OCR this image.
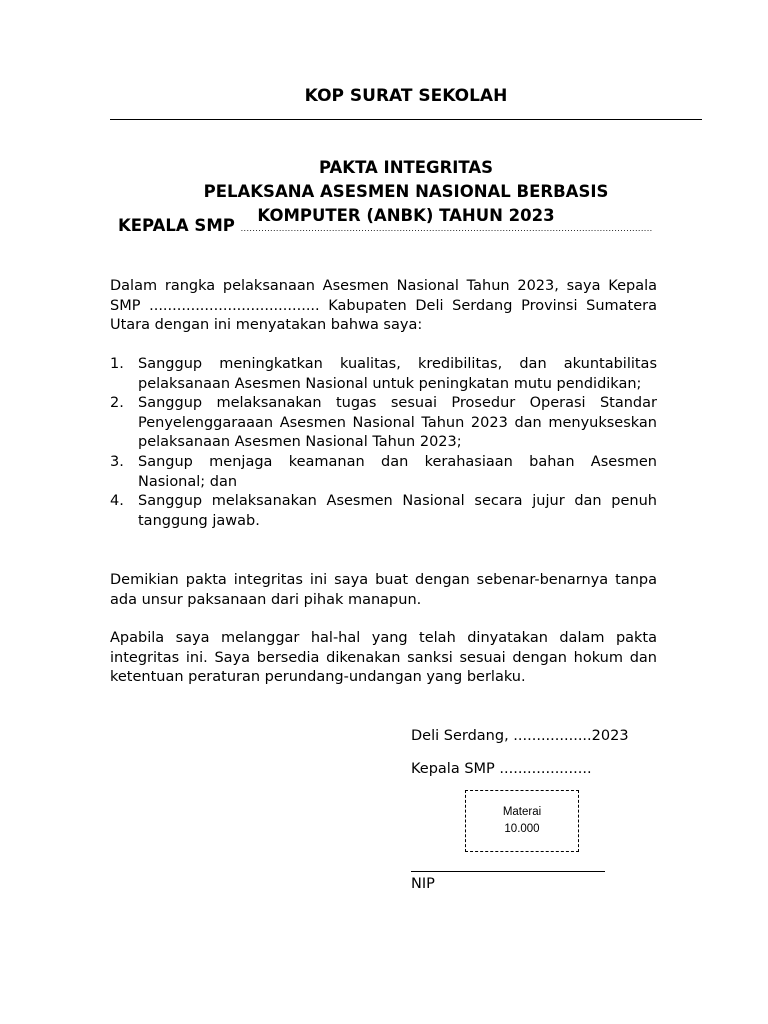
KOP SURAT SEKOLAH
PAKTA INTEGRITAS
PELAKSANA ASESMEN NASIONAL BERBASIS
KOMPUTER (ANBK) TAHUN 2023
KEPALA SMP ............................................................................................................................................
Dalam rangka pelaksanaan Asesmen Nasional Tahun 2023, saya Kepala SMP ..................................... Kabupaten Deli Serdang Provinsi Sumatera Utara dengan ini menyatakan bahwa saya:
1. Sanggup meningkatkan kualitas, kredibilitas, dan akuntabilitas pelaksanaan Asesmen Nasional untuk peningkatan mutu pendidikan;
2. Sanggup melaksanakan tugas sesuai Prosedur Operasi Standar Penyelenggaraaan Asesmen Nasional Tahun 2023 dan menyukseskan pelaksanaan Asesmen Nasional Tahun 2023;
3. Sangup menjaga keamanan dan kerahasiaan bahan Asesmen Nasional; dan
4. Sanggup melaksanakan Asesmen Nasional secara jujur dan penuh tanggung jawab.
Demikian pakta integritas ini saya buat dengan sebenar-benarnya tanpa ada unsur paksanaan dari pihak manapun.
Apabila saya melanggar hal-hal yang telah dinyatakan dalam pakta integritas ini. Saya bersedia dikenakan sanksi sesuai dengan hokum dan ketentuan peraturan perundang-undangan yang berlaku.
Deli Serdang, .................2023
Kepala SMP ....................
Materai
10.000
NIP
